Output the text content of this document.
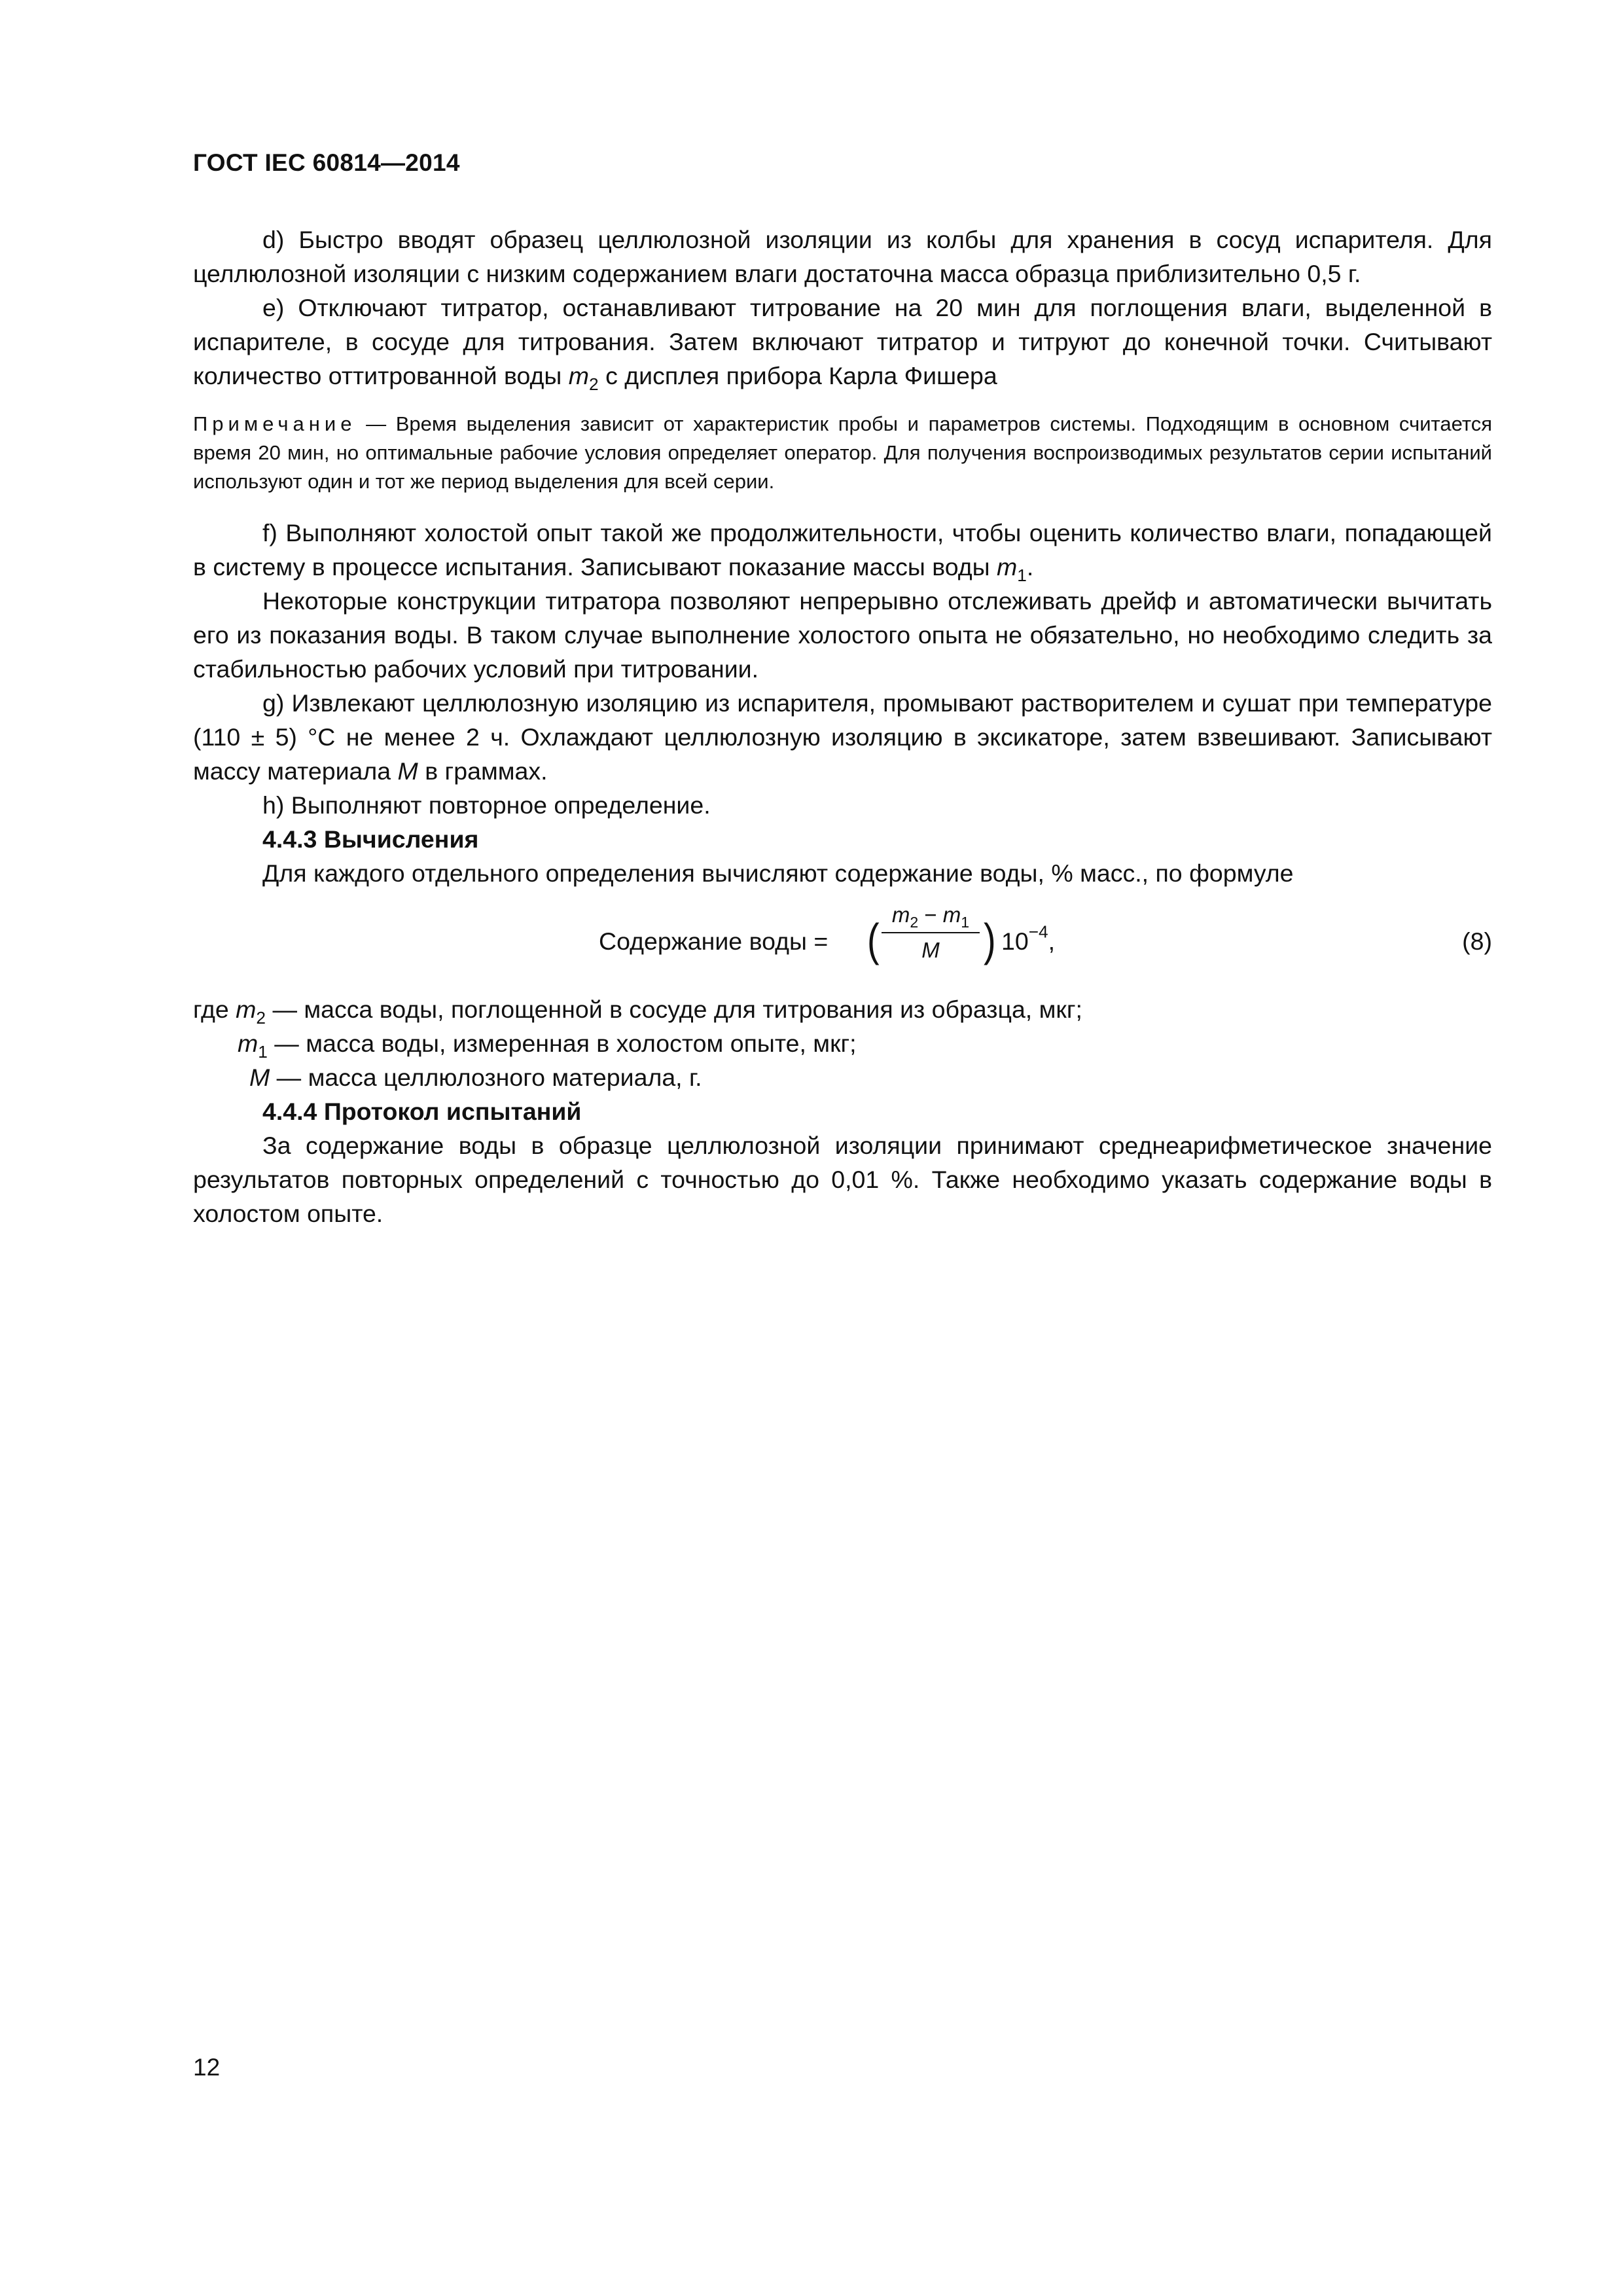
ГОСТ IEC 60814—2014

d) Быстро вводят образец целлюлозной изоляции из колбы для хранения в сосуд испарителя. Для целлюлозной изоляции с низким содержанием влаги достаточна масса образца приблизительно 0,5 г.

e) Отключают титратор, останавливают титрование на 20 мин для поглощения влаги, выделенной в испарителе, в сосуде для титрования. Затем включают титратор и титруют до конечной точки. Считывают количество оттитрованной воды $m_2$ с дисплея прибора Карла Фишера

Примечание — Время выделения зависит от характеристик пробы и параметров системы. Подходящим в основном считается время 20 мин, но оптимальные рабочие условия определяет оператор. Для получения воспроизводимых результатов серии испытаний используют один и тот же период выделения для всей серии.

f) Выполняют холостой опыт такой же продолжительности, чтобы оценить количество влаги, попадающей в систему в процессе испытания. Записывают показание массы воды $m_1$.

Некоторые конструкции титратора позволяют непрерывно отслеживать дрейф и автоматически вычитать его из показания воды. В таком случае выполнение холостого опыта не обязательно, но необходимо следить за стабильностью рабочих условий при титровании.

g) Извлекают целлюлозную изоляцию из испарителя, промывают растворителем и сушат при температуре (110 ± 5) °С не менее 2 ч. Охлаждают целлюлозную изоляцию в эксикаторе, затем взвешивают. Записывают массу материала M в граммах.

h) Выполняют повторное определение.

4.4.3 Вычисления

Для каждого отдельного определения вычисляют содержание воды, % масс., по формуле

Содержание воды = ( $m_2 - m_1$
M	) $10^{-4}$,	(8)
где $m_2$ — масса воды, поглощенной в сосуде для титрования из образца, мкг;
$m_1$ — масса воды, измеренная в холостом опыте, мкг;
M — масса целлюлозного материала, г.

4.4.4 Протокол испытаний

За содержание воды в образце целлюлозной изоляции принимают среднеарифметическое значение результатов повторных определений с точностью до 0,01 %. Также необходимо указать содержание воды в холостом опыте.

12
